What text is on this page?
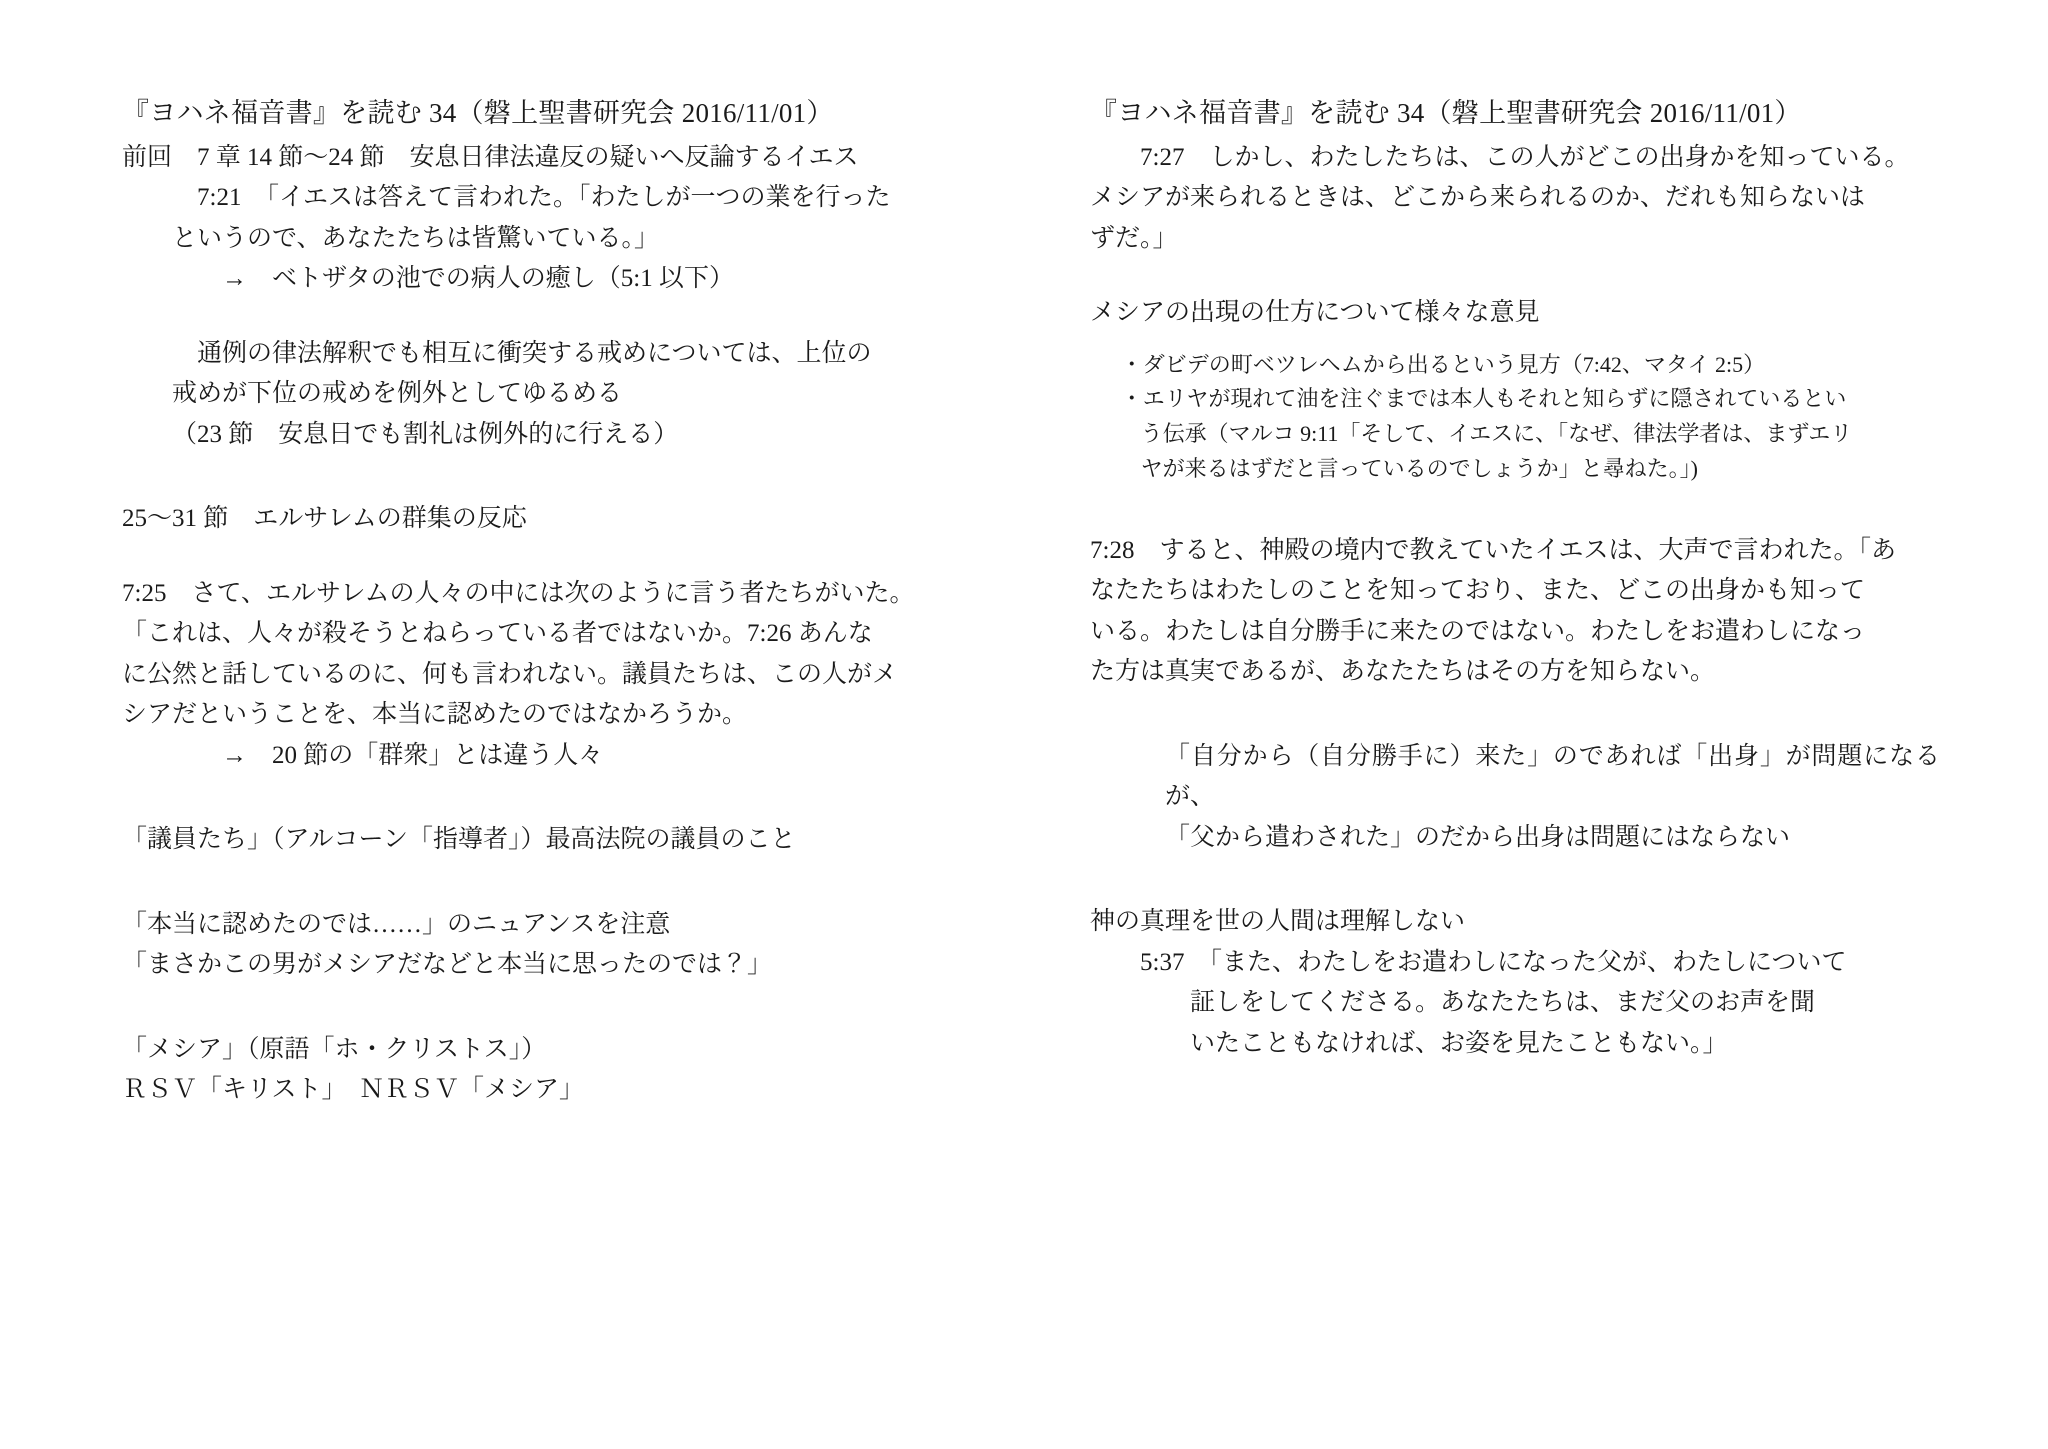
『ヨハネ福音書』を読む 34（磐上聖書研究会 2016/11/01）

前回　7 章 14 節〜24 節　安息日律法違反の疑いへ反論するイエス

7:21　「イエスは答えて言われた。「わたしが一つの業を行った

というので、あなたたちは皆驚いている。」

→　ベトザタの池での病人の癒し（5:1 以下）

通例の律法解釈でも相互に衝突する戒めについては、上位の

戒めが下位の戒めを例外としてゆるめる

（23 節　安息日でも割礼は例外的に行える）

25〜31 節　エルサレムの群集の反応

7:25　さて、エルサレムの人々の中には次のように言う者たちがいた。

「これは、人々が殺そうとねらっている者ではないか。7:26 あんな

に公然と話しているのに、何も言われない。議員たちは、この人がメ

シアだということを、本当に認めたのではなかろうか。

→　20 節の「群衆」とは違う人々

「議員たち」（アルコーン「指導者」）最高法院の議員のこと

「本当に認めたのでは……」のニュアンスを注意

「まさかこの男がメシアだなどと本当に思ったのでは？」

「メシア」（原語「ホ・クリストス」）

ＲＳＶ「キリスト」　ＮＲＳＶ「メシア」

『ヨハネ福音書』を読む 34（磐上聖書研究会 2016/11/01）

7:27　しかし、わたしたちは、この人がどこの出身かを知っている。

メシアが来られるときは、どこから来られるのか、だれも知らないは

ずだ。」

メシアの出現の仕方について様々な意見

・ダビデの町ベツレヘムから出るという見方（7:42、マタイ 2:5）

・エリヤが現れて油を注ぐまでは本人もそれと知らずに隠されているとい

う伝承（マルコ 9:11「そして、イエスに、「なぜ、律法学者は、まずエリ

ヤが来るはずだと言っているのでしょうか」と尋ねた。」)

7:28　すると、神殿の境内で教えていたイエスは、大声で言われた。「あ

なたたちはわたしのことを知っており、また、どこの出身かも知って

いる。わたしは自分勝手に来たのではない。わたしをお遣わしになっ

た方は真実であるが、あなたたちはその方を知らない。

「自分から（自分勝手に）来た」のであれば「出身」が問題になるが、

「父から遣わされた」のだから出身は問題にはならない

神の真理を世の人間は理解しない

5:37　「また、わたしをお遣わしになった父が、わたしについて

証しをしてくださる。あなたたちは、まだ父のお声を聞

いたこともなければ、お姿を見たこともない。」
